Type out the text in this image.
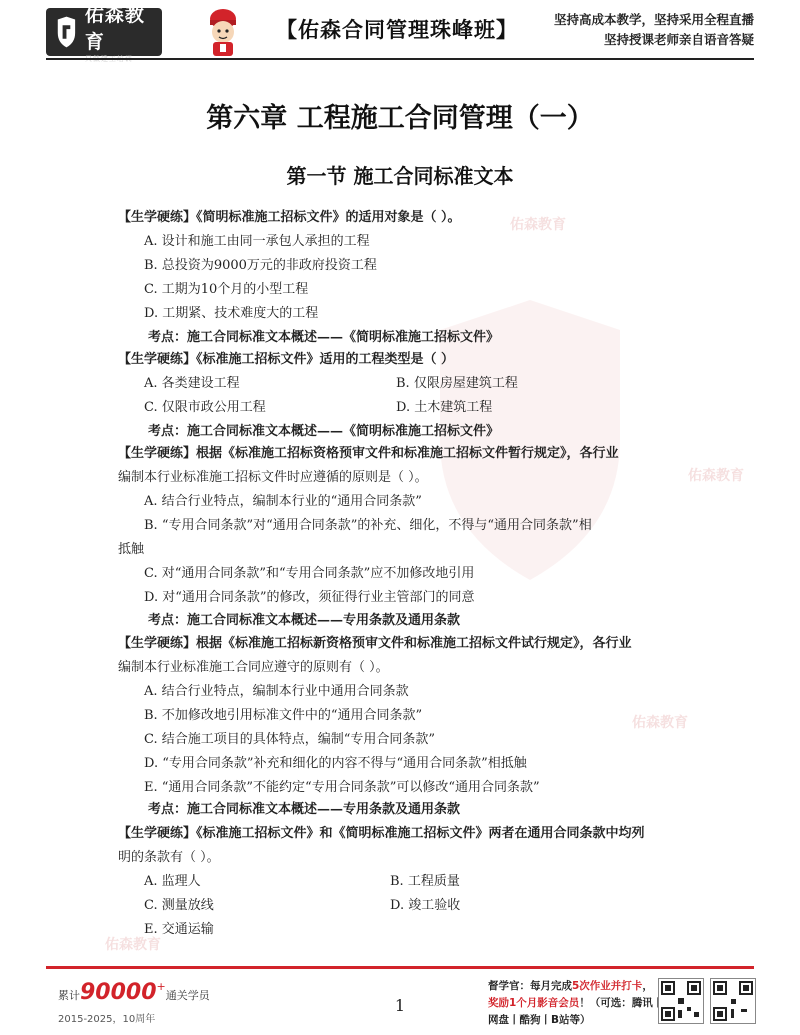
佑森教育	【佑森合同管理珠峰班】	坚持高成本教学，坚持采用全程直播
坚持授课老师亲自语音答疑
佑森教育
佑森教育
佑森教育
佑森教育
第六章 工程施工合同管理（一）
第一节 施工合同标准文本
【生学硬练】《简明标准施工招标文件》的适用对象是（ ）。
A. 设计和施工由同一承包人承担的工程
B. 总投资为9000万元的非政府投资工程
C. 工期为10个月的小型工程
D. 工期紧、技术难度大的工程
考点：施工合同标准文本概述——《简明标准施工招标文件》
【生学硬练】《标准施工招标文件》适用的工程类型是（ ）
A. 各类建设工程	B. 仅限房屋建筑工程
C. 仅限市政公用工程	D. 土木建筑工程
考点：施工合同标准文本概述——《简明标准施工招标文件》
【生学硬练】根据《标准施工招标资格预审文件和标准施工招标文件暂行规定》，各行业
编制本行业标准施工招标文件时应遵循的原则是（ ）。
A. 结合行业特点，编制本行业的“通用合同条款”
B. “专用合同条款”对“通用合同条款”的补充、细化，不得与“通用合同条款”相
抵触
C. 对“通用合同条款”和“专用合同条款”应不加修改地引用
D. 对“通用合同条款”的修改，须征得行业主管部门的同意
考点：施工合同标准文本概述——专用条款及通用条款
【生学硬练】根据《标准施工招标新资格预审文件和标准施工招标文件试行规定》，各行业
编制本行业标准施工合同应遵守的原则有（ ）。
A. 结合行业特点，编制本行业中通用合同条款
B. 不加修改地引用标准文件中的“通用合同条款”
C. 结合施工项目的具体特点，编制“专用合同条款”
D. “专用合同条款”补充和细化的内容不得与“通用合同条款”相抵触
E. “通用合同条款”不能约定“专用合同条款”可以修改“通用合同条款”
考点：施工合同标准文本概述——专用条款及通用条款
【生学硬练】《标准施工招标文件》和《简明标准施工招标文件》两者在通用合同条款中均列
明的条款有（ ）。
A. 监理人	B. 工程质量
C. 测量放线	D. 竣工验收
E. 交通运输
累计90000+通关学员
2015-2025，10周年
1
督学官：每月完成5次作业并打卡，
奖励1个月影音会员！（可选：腾讯丨
网盘丨酷狗丨B站等）
